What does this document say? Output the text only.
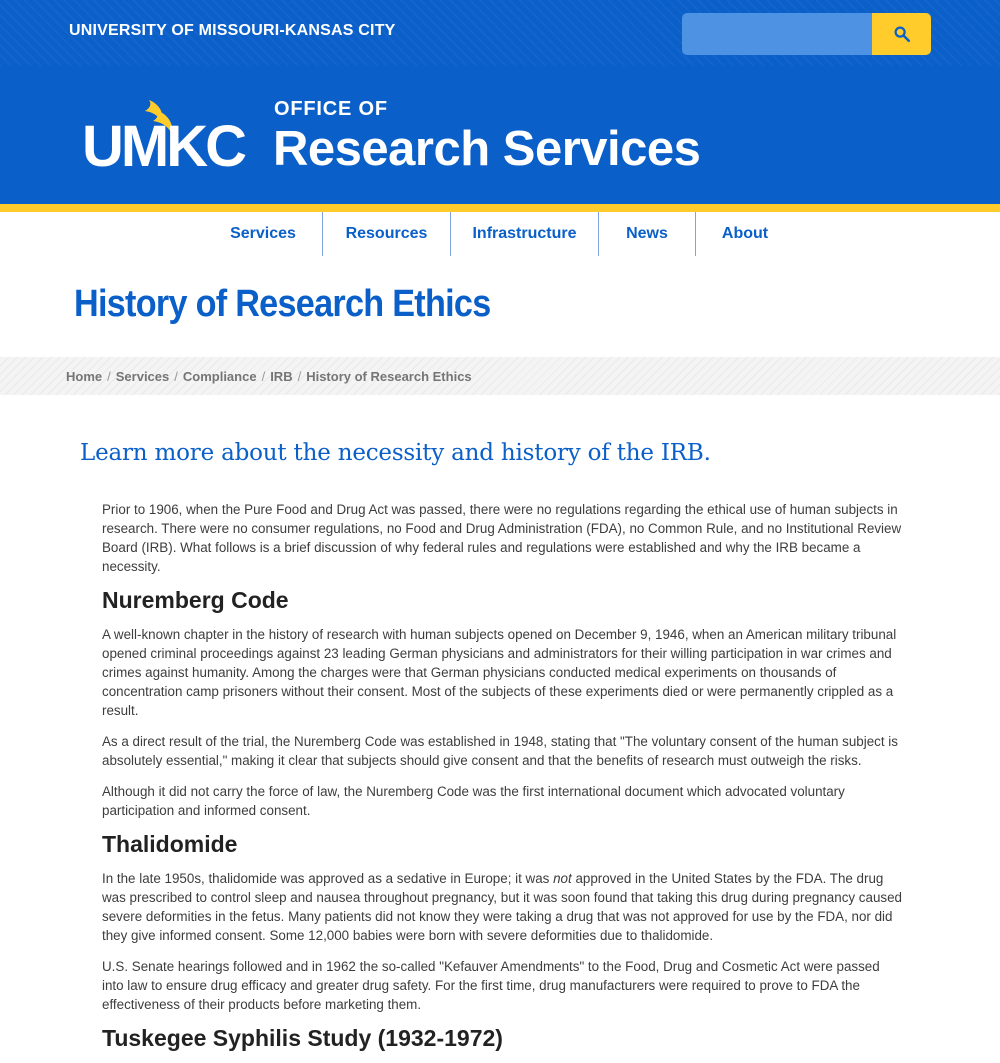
UNIVERSITY OF MISSOURI-KANSAS CITY
UMKC
OFFICE OF
Research Services
Services	Resources	Infrastructure	News	About
History of Research Ethics
Home / Services / Compliance / IRB / History of Research Ethics
Learn more about the necessity and history of the IRB.

Prior to 1906, when the Pure Food and Drug Act was passed, there were no regulations regarding the ethical use of human subjects in research. There were no consumer regulations, no Food and Drug Administration (FDA), no Common Rule, and no Institutional Review Board (IRB). What follows is a brief discussion of why federal rules and regulations were established and why the IRB became a necessity.

Nuremberg Code

A well-known chapter in the history of research with human subjects opened on December 9, 1946, when an American military tribunal opened criminal proceedings against 23 leading German physicians and administrators for their willing participation in war crimes and crimes against humanity. Among the charges were that German physicians conducted medical experiments on thousands of concentration camp prisoners without their consent. Most of the subjects of these experiments died or were permanently crippled as a result.

As a direct result of the trial, the Nuremberg Code was established in 1948, stating that "The voluntary consent of the human subject is absolutely essential," making it clear that subjects should give consent and that the benefits of research must outweigh the risks.

Although it did not carry the force of law, the Nuremberg Code was the first international document which advocated voluntary participation and informed consent.

Thalidomide

In the late 1950s, thalidomide was approved as a sedative in Europe; it was not approved in the United States by the FDA. The drug was prescribed to control sleep and nausea throughout pregnancy, but it was soon found that taking this drug during pregnancy caused severe deformities in the fetus. Many patients did not know they were taking a drug that was not approved for use by the FDA, nor did they give informed consent. Some 12,000 babies were born with severe deformities due to thalidomide.

U.S. Senate hearings followed and in 1962 the so-called "Kefauver Amendments" to the Food, Drug and Cosmetic Act were passed into law to ensure drug efficacy and greater drug safety. For the first time, drug manufacturers were required to prove to FDA the effectiveness of their products before marketing them.

Tuskegee Syphilis Study (1932-1972)
